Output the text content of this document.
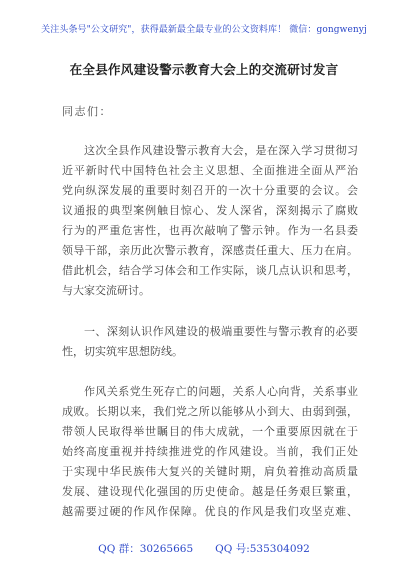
关注头条号"公文研究"，获得最新最全最专业的公文资料库！ 微信：gongwenyj
在全县作风建设警示教育大会上的交流研讨发言
同志们：
这次全县作风建设警示教育大会，是在深入学习贯彻习
近平新时代中国特色社会主义思想、全面推进全面从严治
党向纵深发展的重要时刻召开的一次十分重要的会议。会
议通报的典型案例触目惊心、发人深省，深刻揭示了腐败
行为的严重危害性，也再次敲响了警示钟。作为一名县委
领导干部，亲历此次警示教育，深感责任重大、压力在肩。
借此机会，结合学习体会和工作实际，谈几点认识和思考，
与大家交流研讨。
一、深刻认识作风建设的极端重要性与警示教育的必要
性，切实筑牢思想防线。
作风关系党生死存亡的问题，关系人心向背，关系事业
成败。长期以来，我们党之所以能够从小到大、由弱到强，
带领人民取得举世瞩目的伟大成就，一个重要原因就在于
始终高度重视并持续推进党的作风建设。当前，我们正处
于实现中华民族伟大复兴的关键时期，肩负着推动高质量
发展、建设现代化强国的历史使命。越是任务艰巨繁重，
越需要过硬的作风作保障。优良的作风是我们攻坚克难、
QQ 群：30265665 QQ 号:535304092
